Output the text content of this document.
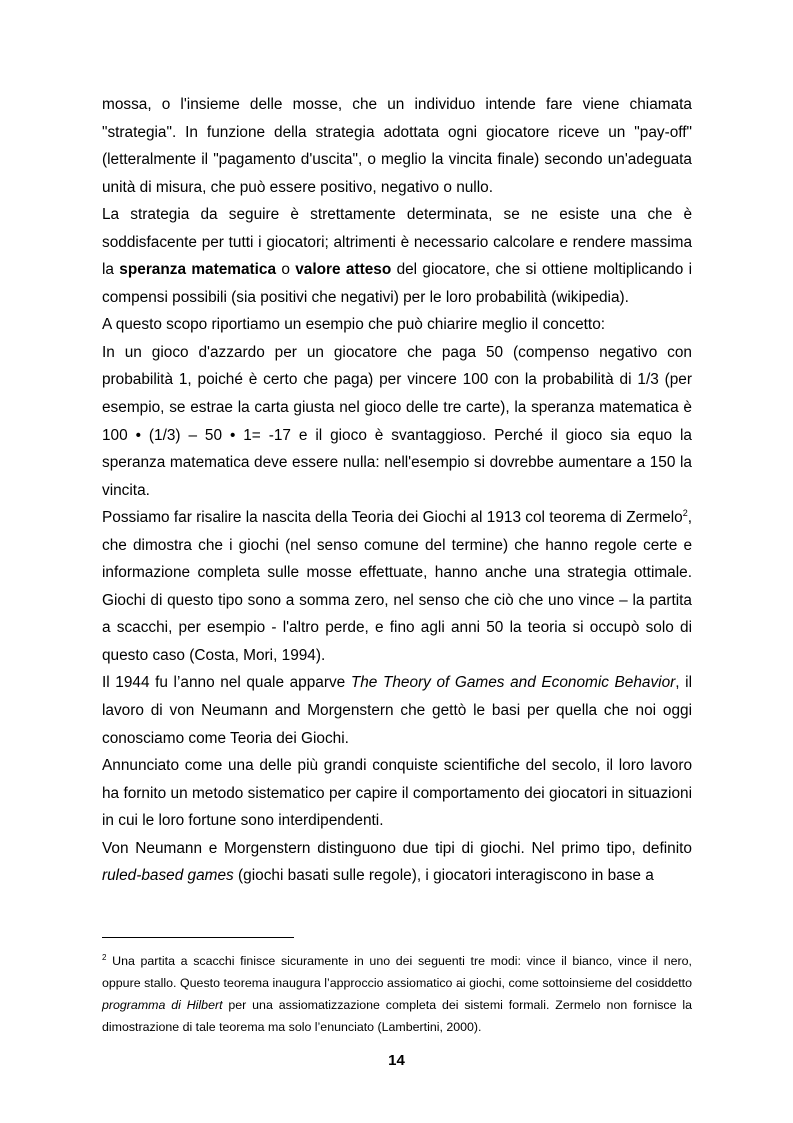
mossa, o l'insieme delle mosse, che un individuo intende fare viene chiamata "strategia". In funzione della strategia adottata ogni giocatore riceve un "pay-off" (letteralmente il "pagamento d'uscita", o meglio la vincita finale) secondo un'adeguata unità di misura, che può essere positivo, negativo o nullo.

La strategia da seguire è strettamente determinata, se ne esiste una che è soddisfacente per tutti i giocatori; altrimenti è necessario calcolare e rendere massima la speranza matematica o valore atteso del giocatore, che si ottiene moltiplicando i compensi possibili (sia positivi che negativi) per le loro probabilità (wikipedia).

A questo scopo riportiamo un esempio che può chiarire meglio il concetto:

In un gioco d'azzardo per un giocatore che paga 50 (compenso negativo con probabilità 1, poiché è certo che paga) per vincere 100 con la probabilità di 1/3 (per esempio, se estrae la carta giusta nel gioco delle tre carte), la speranza matematica è 100 • (1/3) – 50 • 1= -17 e il gioco è svantaggioso. Perché il gioco sia equo la speranza matematica deve essere nulla: nell'esempio si dovrebbe aumentare a 150 la vincita.

Possiamo far risalire la nascita della Teoria dei Giochi al 1913 col teorema di Zermelo$^2$, che dimostra che i giochi (nel senso comune del termine) che hanno regole certe e informazione completa sulle mosse effettuate, hanno anche una strategia ottimale. Giochi di questo tipo sono a somma zero, nel senso che ciò che uno vince – la partita a scacchi, per esempio - l'altro perde, e fino agli anni 50 la teoria si occupò solo di questo caso (Costa, Mori, 1994).

Il 1944 fu l’anno nel quale apparve The Theory of Games and Economic Behavior, il lavoro di von Neumann and Morgenstern che gettò le basi per quella che noi oggi conosciamo come Teoria dei Giochi.

Annunciato come una delle più grandi conquiste scientifiche del secolo, il loro lavoro ha fornito un metodo sistematico per capire il comportamento dei giocatori in situazioni in cui le loro fortune sono interdipendenti.

Von Neumann e Morgenstern distinguono due tipi di giochi. Nel primo tipo, definito ruled-based games (giochi basati sulle regole), i giocatori interagiscono in base a

$^2$ Una partita a scacchi finisce sicuramente in uno dei seguenti tre modi: vince il bianco, vince il nero, oppure stallo. Questo teorema inaugura l’approccio assiomatico ai giochi, come sottoinsieme del cosiddetto programma di Hilbert per una assiomatizzazione completa dei sistemi formali. Zermelo non fornisce la dimostrazione di tale teorema ma solo l’enunciato (Lambertini, 2000).

14
